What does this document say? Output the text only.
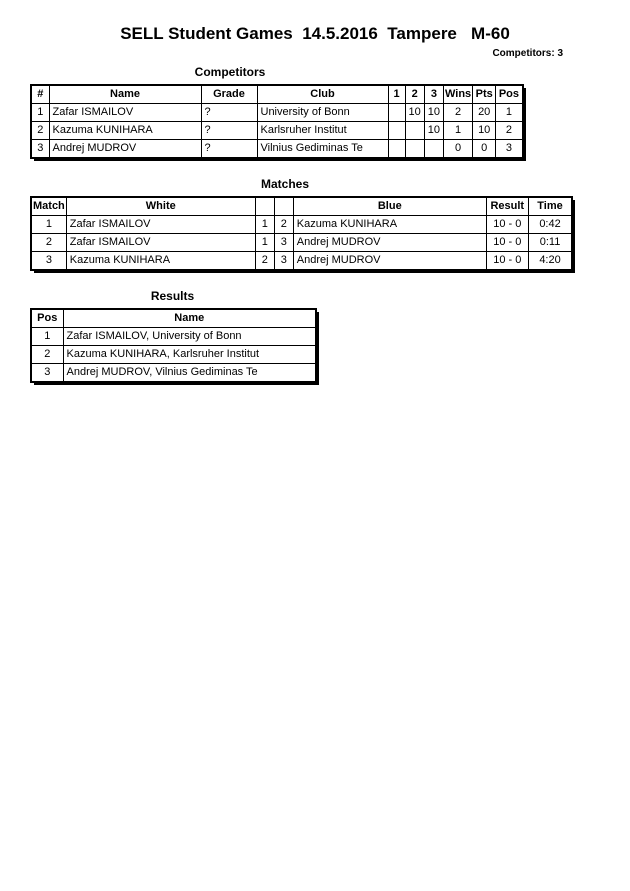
SELL Student Games  14.5.2016  Tampere   M-60
Competitors: 3
Competitors
#	Name	Grade	Club	1	2	3	Wins	Pts	Pos
1	Zafar ISMAILOV	?	University of Bonn		10	10	2	20	1
2	Kazuma KUNIHARA	?	Karlsruher Institut			10	1	10	2
3	Andrej MUDROV	?	Vilnius Gediminas Te				0	0	3
Matches
Match	White			Blue	Result	Time
1	Zafar ISMAILOV	1	2	Kazuma KUNIHARA	10 - 0	0:42
2	Zafar ISMAILOV	1	3	Andrej MUDROV	10 - 0	0:11
3	Kazuma KUNIHARA	2	3	Andrej MUDROV	10 - 0	4:20
Results
Pos	Name
1	Zafar ISMAILOV, University of Bonn
2	Kazuma KUNIHARA, Karlsruher Institut
3	Andrej MUDROV, Vilnius Gediminas Te
